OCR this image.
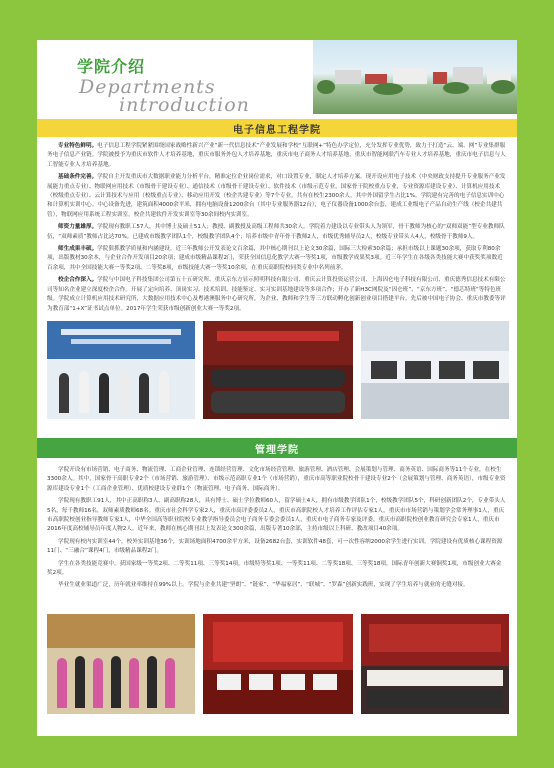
学院介绍
Departments
introduction
电子信息工程学院

专业特色鲜明。电子信息工程学院紧紧围绕国家战略性新兴产业“新一代信息技术”产业发展和学校“互联网+”特色办学定位，充分发挥专业优势，致力于打造“云、端、网”专业集群服务电子信息产业链。学院被授予为重庆市软件人才培养基地，重庆市服务外包人才培养基地，重庆市电子商务人才培养基地，重庆市智能网联汽车专业人才培养基地，重庆市电子信息与人工智能专业人才培养基地。

基础条件完善。学院自主开发重庆市大数据职业能力分析平台，精准定位企业岗位需求，对口设置专业，制定人才培养方案。现开设应用电子技术（中央财政支持提升专业服务产业发展能力重点专业）、物联网应用技术（市级骨干建设专业）、通信技术（市级骨干建设专业）、软件技术（市级示范专业，国家骨干院校重点专业，专业资源库建设专业）、计算机应用技术（校级重点专业）、云计算技术与应用（校级重点专业）、移动应用开发（校企共建专业）等7个专业。共有在校生2300余人，其中外国留学生占比1%。学院建有完善的电子信息实训中心和计算机实训中心。中心设备先进，建筑面积4000余平米，拥有电脑设备1200余台（其中专业服务器12台），电子仪器设备1000余台套，建成工业级电子产品自动生产线（校企共建共管），物联网应用系统工程实训室，校企共建软件开发实训室等30余间校内实训室。

师资力量雄厚。学院现有教职工57人，其中博士及硕士51人；教授、副教授及高级工程师共30余人。学院着力建设以专业带头人为领军，骨干教师为核心的“双师双能”型专业教师队伍，“双师素质”教师占比达70%。已建成市级教学团队1个，校级教学团队4个；培养市级中青年骨干教师2人，市级优秀辅导员2人，校级专业带头人4人，校级骨干教师9人。

师生成果丰硕。学院狠抓教学质量和内涵建设。近三年教师公开发表论文百余篇，其中核心期刊以上论文30余篇，国际三大检索30余篇；承担市级以上课题30余项，获取专利80余项，出版教材30余本，与企业合作开发项目20余项；建成市级精品课程2门，荣获全国信息化教学大赛一等奖1项，市级教学成果奖3项。近三年学生在各级各类技能大赛中获奖奖项数近百余项，其中全国技能大赛一等奖2项、二等奖8项，市级技能大赛一等奖10余项，在重庆高职院校同类专业中名列前茅。

校企合作深入。学院与中国电子科技集团公司第五十五研究所、重庆京东方显示照明科技有限公司、重庆云计算投资运营公司、上海因仑电子科技有限公司、重庆德秀信息技术有限公司等知名企业建立深度校企合作。开展了定向培养、顶岗实习、技术培训、技能鉴定、实习实训基地建设等多项合作；开办了新H3C网院及“因仑班”、“京东方班”、“德芯特班”等特色班级。学院成立计算机应用技术研究所，大数据应用技术中心及粤港澳服务中心研究所，为企业、教师和学生等三方联动孵化创新创业项目搭建平台。先后被中国电子协会、重庆市教委等评为教育部“1+X”证书试点单位。2017年学生荣获市级创新创业大赛一等奖2项。

管理学院

学院开设有市场营销、电子商务、物流管理、工商企业管理、连锁经营管理、文化市场经营管理、旅游管理、酒店管理、会展策划与管理、商务英语、国际商务等11个专业，在校生3300余人。其中，国家骨干高职专业2个（市场营销、旅游管理）、市级示范高职专业1个（市场营销），重庆市高等职业院校骨干建设专业2个（会展策划与管理、商务英语），市级专业资源库建设专业1个（工商企业管理）、优质校建设专业群1个（物流管理、电子商务、国际商务）。

学院现有教职工91人，其中正高职称3人、副高职称28人，具有博士、硕士学位教师60人，留学硕士4人，拥有市级教学团队1个，校级教学团队5个，科研创新团队2个，专业带头人5名，每千教师16名，双师素质教师68名。重庆市社会科学专家2人，重庆市高评委委员2人，重庆市高职院校人才培养工作评估专家1人，重庆市市场营销与策划学会常务理事1人，重庆市高职院校创业指导教师专家1人，中华全国高等职业院校专业教学指导委员会电子商务专委会委员1人，重庆市电子商务专家及评委，重庆市高职院校创业教育研究会专家1人，重庆市2016年度高校辅导员年度人物2人。近年来，教师在核心期刊以上发表论文300余篇，出版专著10余部，主持市级以上科研、教改项目40余项。

学院现有校内实训室44个，校外实训基地36个，实训场地面积4700余平方米，设备2682台套，实训软件48套，可一次性容纳2000余学生进行实训。学院建设有优质核心课程资源11门、“三融合”课程4门，市级精品课程2门。

学生在各类技能竞赛中，获国家级一等奖2项、二等奖11项、三等奖14项，市级特等奖1项、一等奖11项、二等奖18项、三等奖18项，国际青年创新大赛铜奖1项，市级创业大赛金奖2项。

毕业生就业渠道广泛，历年就业率维持在99%以上。学院与企业共建“坚朗”、“链家”、“华福家居”、“联城”、“罗森”创新实践班，实现了学生培养与就业的无缝对接。
